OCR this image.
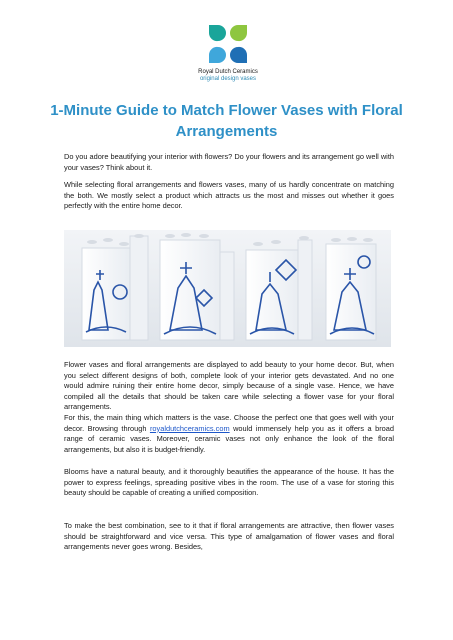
Royal Dutch Ceramics
original design vases
1-Minute Guide to Match Flower Vases with Floral Arrangements

Do you adore beautifying your interior with flowers? Do your flowers and its arrangement go well with your vases? Think about it.

While selecting floral arrangements and flowers vases, many of us hardly concentrate on matching the both. We mostly select a product which attracts us the most and misses out whether it goes perfectly with the entire home decor.

Flower vases and floral arrangements are displayed to add beauty to your home decor. But, when you select different designs of both, complete look of your interior gets devastated. And no one would admire ruining their entire home decor, simply because of a single vase. Hence, we have compiled all the details that should be taken care while selecting a flower vase for your floral arrangements.

For this, the main thing which matters is the vase. Choose the perfect one that goes well with your decor. Browsing through royaldutchceramics.com would immensely help you as it offers a broad range of ceramic vases. Moreover, ceramic vases not only enhance the look of the floral arrangements, but also it is budget-friendly.

Blooms have a natural beauty, and it thoroughly beautifies the appearance of the house. It has the power to express feelings, spreading positive vibes in the room. The use of a vase for storing this beauty should be capable of creating a unified composition.

To make the best combination, see to it that if floral arrangements are attractive, then flower vases should be straightforward and vice versa. This type of amalgamation of flower vases and floral arrangements never goes wrong. Besides,
